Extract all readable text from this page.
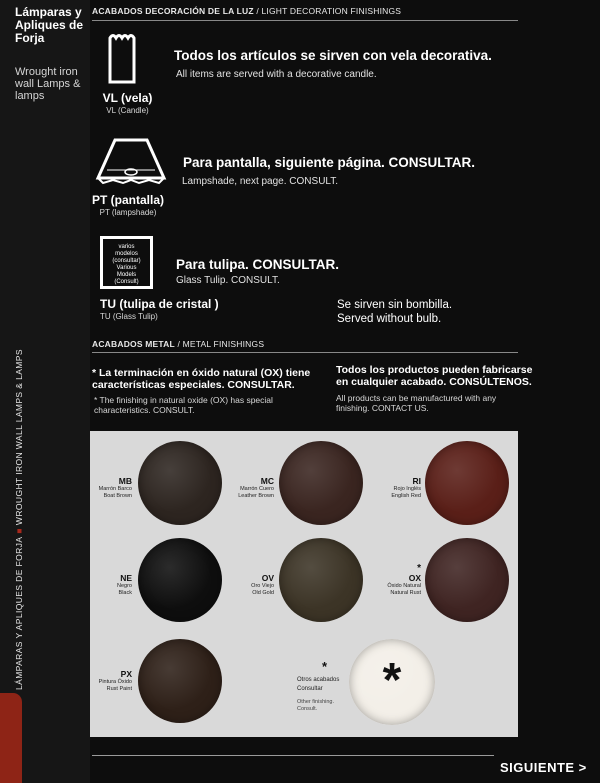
Lámparas y Apliques de Forja
Wrought iron wall Lamps & lamps
LÁMPARAS Y APLIQUES DE FORJA■WROUGHT IRON WALL LAMPS & LAMPS
ACABADOS DECORACIÓN DE LA LUZ / LIGHT DECORATION FINISHINGS
VL (vela)
VL (Candle)
Todos los artículos se sirven con vela decorativa.
All items are served with a decorative candle.
PT (pantalla)
PT (lampshade)
Para pantalla, siguiente página. CONSULTAR.
Lampshade, next page. CONSULT.
varios
modelos
(consultar)
Various
Models
(Consult)
TU (tulipa de cristal )
TU (Glass Tulip)
Para tulipa. CONSULTAR.
Glass Tulip. CONSULT.
Se sirven sin bombilla.
Served without bulb.
ACABADOS METAL / METAL FINISHINGS
* La terminación en óxido natural (OX) tiene características especiales. CONSULTAR.
* The finishing in natural oxide (OX) has special characteristics. CONSULT.
Todos los productos pueden fabricarse en cualquier acabado. CONSÚLTENOS.
All products can be manufactured with any finishing. CONTACT US.
MB
Marrón Barco
Boat Brown
MC
Marrón Cuero
Leather Brown
RI
Rojo Inglés
English Red
NE
Negro
Black
OV
Oro Viejo
Old Gold
*
OX
Óxido Natural
Natural Rust
PX
Pintura Óxido
Rust Paint
*
Otros acabados
Consultar
Other finishing.
Consult.
*
SIGUIENTE >
